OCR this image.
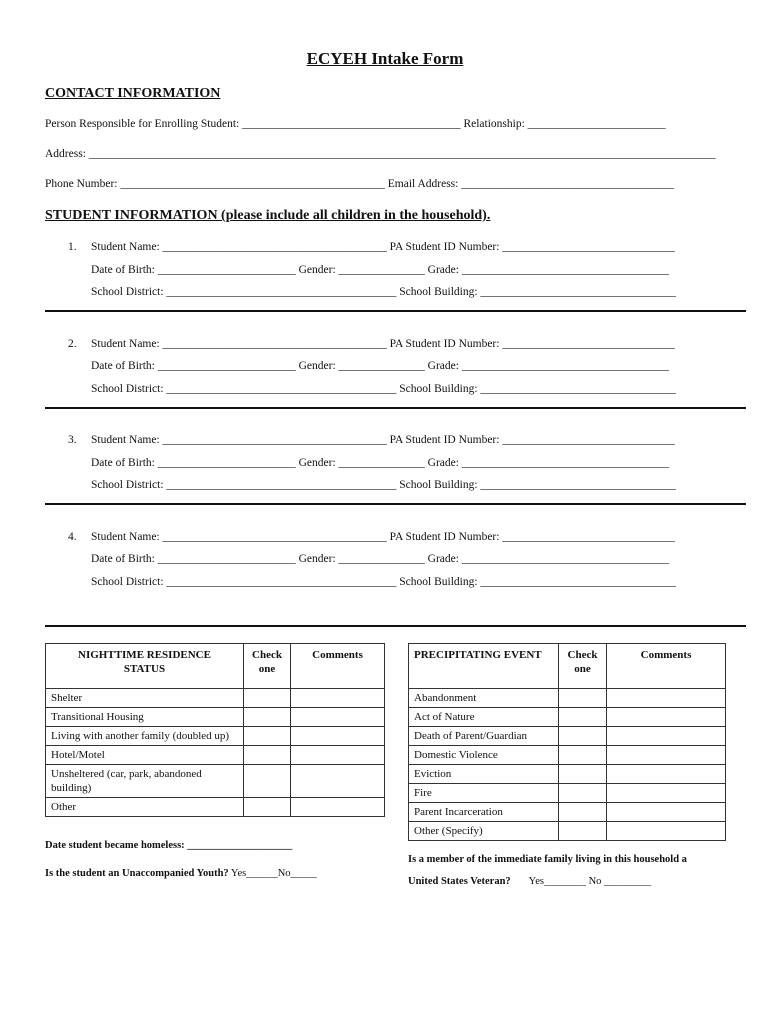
ECYEH Intake Form
CONTACT INFORMATION
Person Responsible for Enrolling Student: ______________________________________ Relationship: ________________________
Address: _____________________________________________________________________________________________________________
Phone Number: ______________________________________________ Email Address: _____________________________________
STUDENT INFORMATION (please include all children in the household).
1. Student Name: _______________________________________ PA Student ID Number: ______________________________
Date of Birth: ________________________ Gender: _______________ Grade: ____________________________________
School District: ________________________________________ School Building: __________________________________
2. Student Name: _______________________________________ PA Student ID Number: ______________________________
Date of Birth: ________________________ Gender: _______________ Grade: ____________________________________
School District: ________________________________________ School Building: __________________________________
3. Student Name: _______________________________________ PA Student ID Number: ______________________________
Date of Birth: ________________________ Gender: _______________ Grade: ____________________________________
School District: ________________________________________ School Building: __________________________________
4. Student Name: _______________________________________ PA Student ID Number: ______________________________
Date of Birth: ________________________ Gender: _______________ Grade: ____________________________________
School District: ________________________________________ School Building: __________________________________
NIGHTTIME RESIDENCE STATUS	Check one	Comments
Shelter		
Transitional Housing		
Living with another family (doubled up)		
Hotel/Motel		
Unsheltered (car, park, abandoned building)		
Other		
PRECIPITATING EVENT	Check one	Comments
Abandonment		
Act of Nature		
Death of Parent/Guardian		
Domestic Violence		
Eviction		
Fire		
Parent Incarceration		
Other (Specify)		
Date student became homeless: ____________________
Is the student an Unaccompanied Youth? Yes______No_____
Is a member of the immediate family living in this household a
United States Veteran? Yes________ No _________
